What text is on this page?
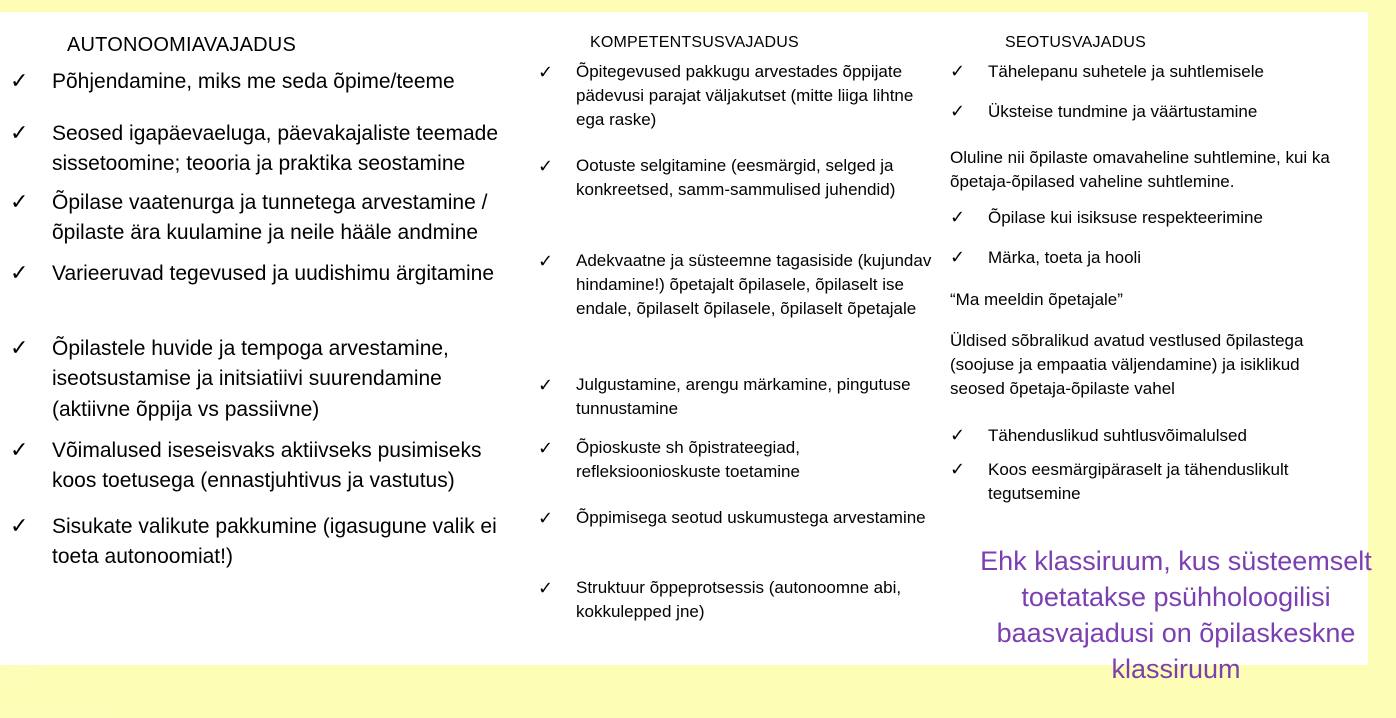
AUTONOOMIAVAJADUS
✓	Põhjendamine, miks me seda õpime/teeme
✓	Seosed igapäevaeluga, päevakajaliste teemade sissetoomine; teooria ja praktika seostamine
✓	Õpilase vaatenurga ja tunnetega arvestamine /õpilaste ära kuulamine ja neile hääle andmine
✓	Varieeruvad tegevused ja uudishimu ärgitamine
✓	Õpilastele huvide ja tempoga arvestamine, iseotsustamise ja initsiatiivi suurendamine (aktiivne õppija vs passiivne)
✓	Võimalused iseseisvaks aktiivseks pusimiseks koos toetusega (ennastjuhtivus ja vastutus)
✓	Sisukate valikute pakkumine (igasugune valik ei toeta autonoomiat!)
KOMPETENTSUSVAJADUS
✓	Õpitegevused pakkugu arvestades õppijate pädevusi parajat väljakutset (mitte liiga lihtne ega raske)
✓	Ootuste selgitamine (eesmärgid, selged ja konkreetsed, samm-sammulised juhendid)
✓	Adekvaatne ja süsteemne tagasiside (kujundav hindamine!) õpetajalt õpilasele, õpilaselt ise endale, õpilaselt õpilasele, õpilaselt õpetajale
✓	Julgustamine, arengu märkamine, pingutuse tunnustamine
✓	Õpioskuste sh õpistrateegiad, refleksioonioskuste toetamine
✓	Õppimisega seotud uskumustega arvestamine
✓	Struktuur õppeprotsessis (autonoomne abi, kokkulepped jne)
SEOTUSVAJADUS
✓	Tähelepanu suhetele ja suhtlemisele
✓	Üksteise tundmine ja väärtustamine
Oluline nii õpilaste omavaheline suhtlemine, kui ka õpetaja-õpilased vaheline suhtlemine.
✓	Õpilase kui isiksuse respekteerimine
✓	Märka, toeta ja hooli
“Ma meeldin õpetajale”
Üldised sõbralikud avatud vestlused õpilastega (soojuse ja empaatia väljendamine) ja isiklikud seosed õpetaja-õpilaste vahel
✓	Tähenduslikud suhtlusvõimalulsed
✓	Koos eesmärgipäraselt ja tähenduslikult tegutsemine
Ehk klassiruum, kus süsteemselt toetatakse psühholoogilisi baasvajadusi on õpilaskeskne klassiruum
